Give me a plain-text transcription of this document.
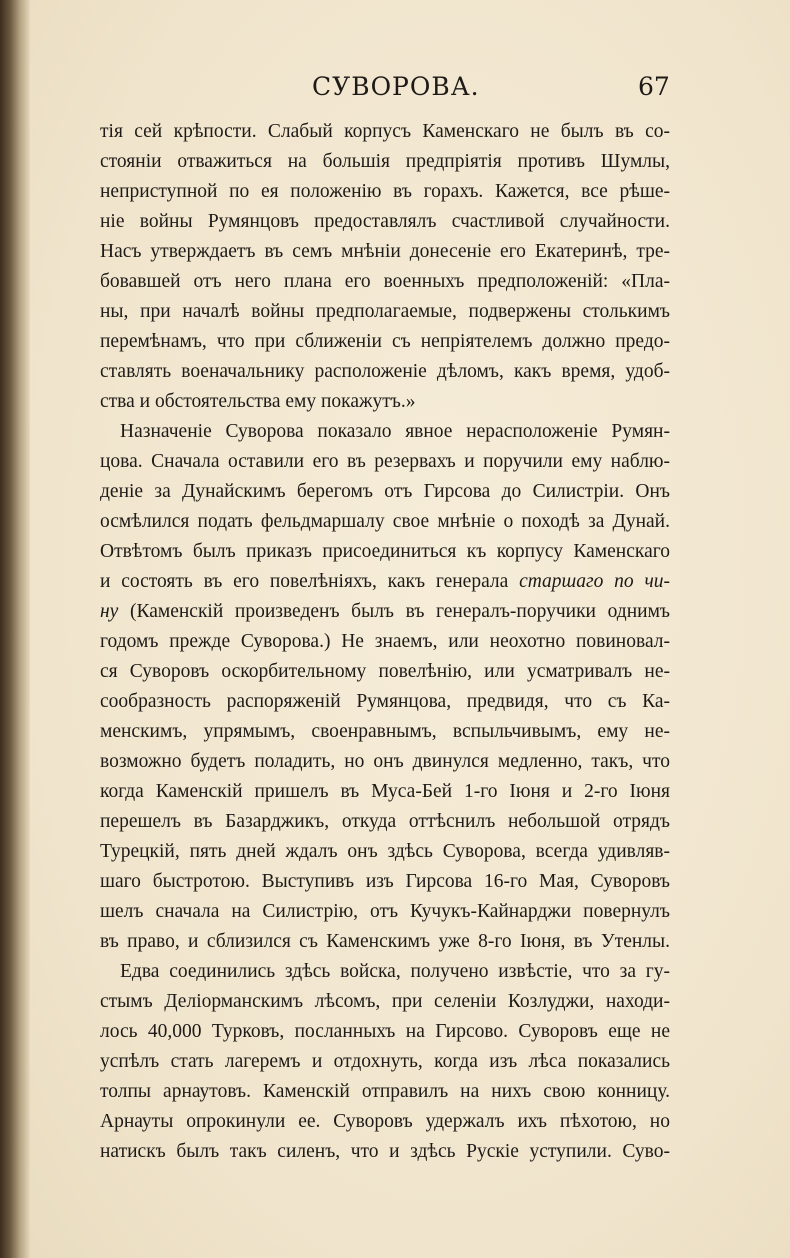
СУВОРОВА.	67
тія сей крѣпости. Слабый корпусъ Каменскаго не былъ въ со-
стояніи отважиться на большія предпріятія противъ Шумлы,
неприступной по ея положенію въ горахъ. Кажется, все рѣше-
ніе войны Румянцовъ предоставлялъ счастливой случайности.
Насъ утверждаетъ въ семъ мнѣніи донесеніе его Екатеринѣ, тре-
бовавшей отъ него плана его военныхъ предположеній: «Пла-
ны, при началѣ войны предполагаемые, подвержены столькимъ
перемѣнамъ, что при сближеніи съ непріятелемъ должно предо-
ставлять военачальнику расположеніе дѣломъ, какъ время, удоб-
ства и обстоятельства ему покажутъ.»
Назначеніе Суворова показало явное нерасположеніе Румян-
цова. Сначала оставили его въ резервахъ и поручили ему наблю-
деніе за Дунайскимъ берегомъ отъ Гирсова до Силистріи. Онъ
осмѣлился подать фельдмаршалу свое мнѣніе о походѣ за Дунай.
Отвѣтомъ былъ приказъ присоединиться къ корпусу Каменскаго
и состоять въ его повелѣніяхъ, какъ генерала старшаго по чи-
ну (Каменскій произведенъ былъ въ генералъ-поручики однимъ
годомъ прежде Суворова.) Не знаемъ, или неохотно повиновал-
ся Суворовъ оскорбительному повелѣнію, или усматривалъ не-
сообразность распоряженій Румянцова, предвидя, что съ Ка-
менскимъ, упрямымъ, своенравнымъ, вспыльчивымъ, ему не-
возможно будетъ поладить, но онъ двинулся медленно, такъ, что
когда Каменскій пришелъ въ Муса-Бей 1-го Іюня и 2-го Іюня
перешелъ въ Базарджикъ, откуда оттѣснилъ небольшой отрядъ
Турецкій, пять дней ждалъ онъ здѣсь Суворова, всегда удивляв-
шаго быстротою. Выступивъ изъ Гирсова 16-го Мая, Суворовъ
шелъ сначала на Силистрію, отъ Кучукъ-Кайнарджи повернулъ
въ право, и сблизился съ Каменскимъ уже 8-го Іюня, въ Утенлы.
Едва соединились здѣсь войска, получено извѣстіе, что за гу-
стымъ Деліорманскимъ лѣсомъ, при селеніи Козлуджи, находи-
лось 40,000 Турковъ, посланныхъ на Гирсово. Суворовъ еще не
успѣлъ стать лагеремъ и отдохнуть, когда изъ лѣса показались
толпы арнаутовъ. Каменскій отправилъ на нихъ свою конницу.
Арнауты опрокинули ее. Суворовъ удержалъ ихъ пѣхотою, но
натискъ былъ такъ силенъ, что и здѣсь Рускіе уступили. Суво-
